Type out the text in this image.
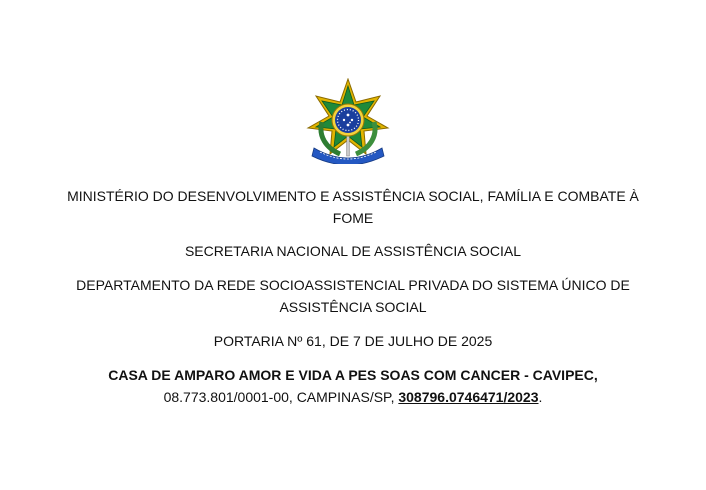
MINISTÉRIO DO DESENVOLVIMENTO E ASSISTÊNCIA SOCIAL, FAMÍLIA E COMBATE À
FOME
SECRETARIA NACIONAL DE ASSISTÊNCIA SOCIAL
DEPARTAMENTO DA REDE SOCIOASSISTENCIAL PRIVADA DO SISTEMA ÚNICO DE
ASSISTÊNCIA SOCIAL
PORTARIA Nº 61, DE 7 DE JULHO DE 2025
CASA DE AMPARO AMOR E VIDA A PES SOAS COM CANCER - CAVIPEC,
08.773.801/0001-00, CAMPINAS/SP, 308796.0746471/2023.
